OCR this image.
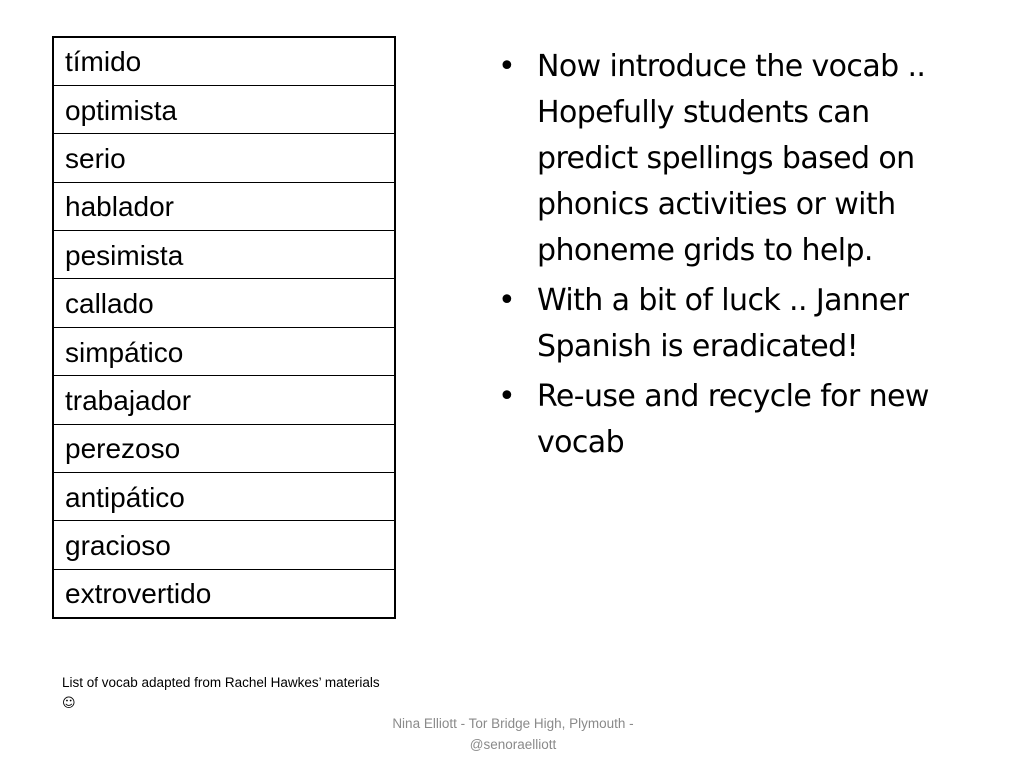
tímido
optimista
serio
hablador
pesimista
callado
simpático
trabajador
perezoso
antipático
gracioso
extrovertido
• Now introduce the vocab .. Hopefully students can predict spellings based on phonics activities or with phoneme grids to help.
• With a bit of luck .. Janner Spanish is eradicated!
• Re-use and recycle for new vocab
List of vocab adapted from Rachel Hawkes’ materials ☺
Nina Elliott - Tor Bridge High, Plymouth -
@senoraelliott
